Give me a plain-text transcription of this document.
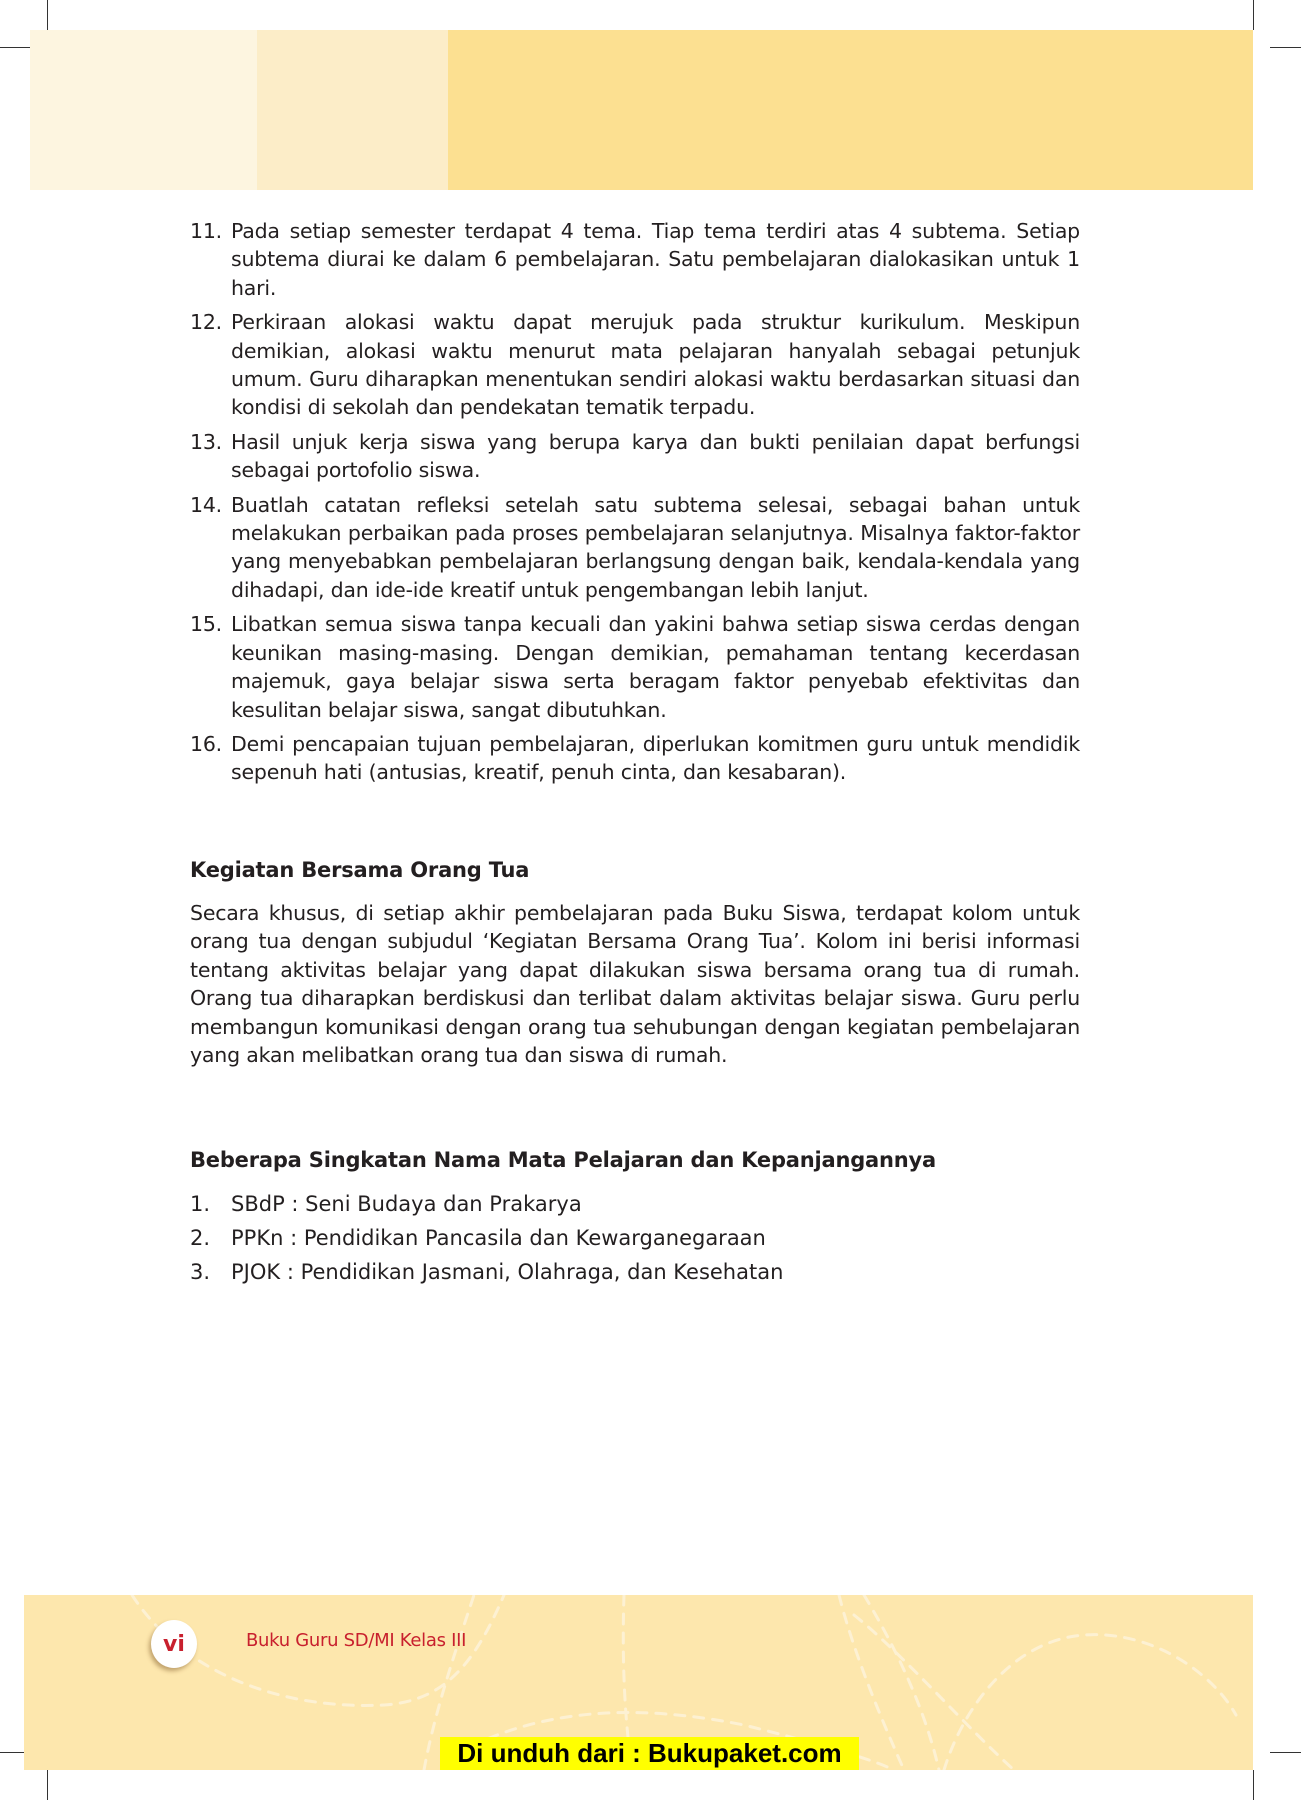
11. Pada setiap semester terdapat 4 tema. Tiap tema terdiri atas 4 subtema. Setiap subtema diurai ke dalam 6 pembelajaran. Satu pembelajaran dialokasikan untuk 1 hari.
12. Perkiraan alokasi waktu dapat merujuk pada struktur kurikulum. Meskipun demikian, alokasi waktu menurut mata pelajaran hanyalah sebagai petunjuk umum. Guru diharapkan menentukan sendiri alokasi waktu berdasarkan situasi dan kondisi di sekolah dan pendekatan tematik terpadu.
13. Hasil unjuk kerja siswa yang berupa karya dan bukti penilaian dapat berfungsi sebagai portofolio siswa.
14. Buatlah catatan refleksi setelah satu subtema selesai, sebagai bahan untuk melakukan perbaikan pada proses pembelajaran selanjutnya. Misalnya faktor-faktor yang menyebabkan pembelajaran berlangsung dengan baik, kendala-kendala yang dihadapi, dan ide-ide kreatif untuk pengembangan lebih lanjut.
15. Libatkan semua siswa tanpa kecuali dan yakini bahwa setiap siswa cerdas dengan keunikan masing-masing. Dengan demikian, pemahaman tentang kecerdasan majemuk, gaya belajar siswa serta beragam faktor penyebab efektivitas dan kesulitan belajar siswa, sangat dibutuhkan.
16. Demi pencapaian tujuan pembelajaran, diperlukan komitmen guru untuk mendidik sepenuh hati (antusias, kreatif, penuh cinta, dan kesabaran).
Kegiatan Bersama Orang Tua

Secara khusus, di setiap akhir pembelajaran pada Buku Siswa, terdapat kolom untuk orang tua dengan subjudul ‘Kegiatan Bersama Orang Tua’. Kolom ini berisi informasi tentang aktivitas belajar yang dapat dilakukan siswa bersama orang tua di rumah. Orang tua diharapkan berdiskusi dan terlibat dalam aktivitas belajar siswa. Guru perlu membangun komunikasi dengan orang tua sehubungan dengan kegiatan pembelajaran yang akan melibatkan orang tua dan siswa di rumah.

Beberapa Singkatan Nama Mata Pelajaran dan Kepanjangannya
1. SBdP : Seni Budaya dan Prakarya
2. PPKn : Pendidikan Pancasila dan Kewarganegaraan
3. PJOK : Pendidikan Jasmani, Olahraga, dan Kesehatan
vi	Buku Guru SD/MI Kelas III
Di unduh dari : Bukupaket.com
